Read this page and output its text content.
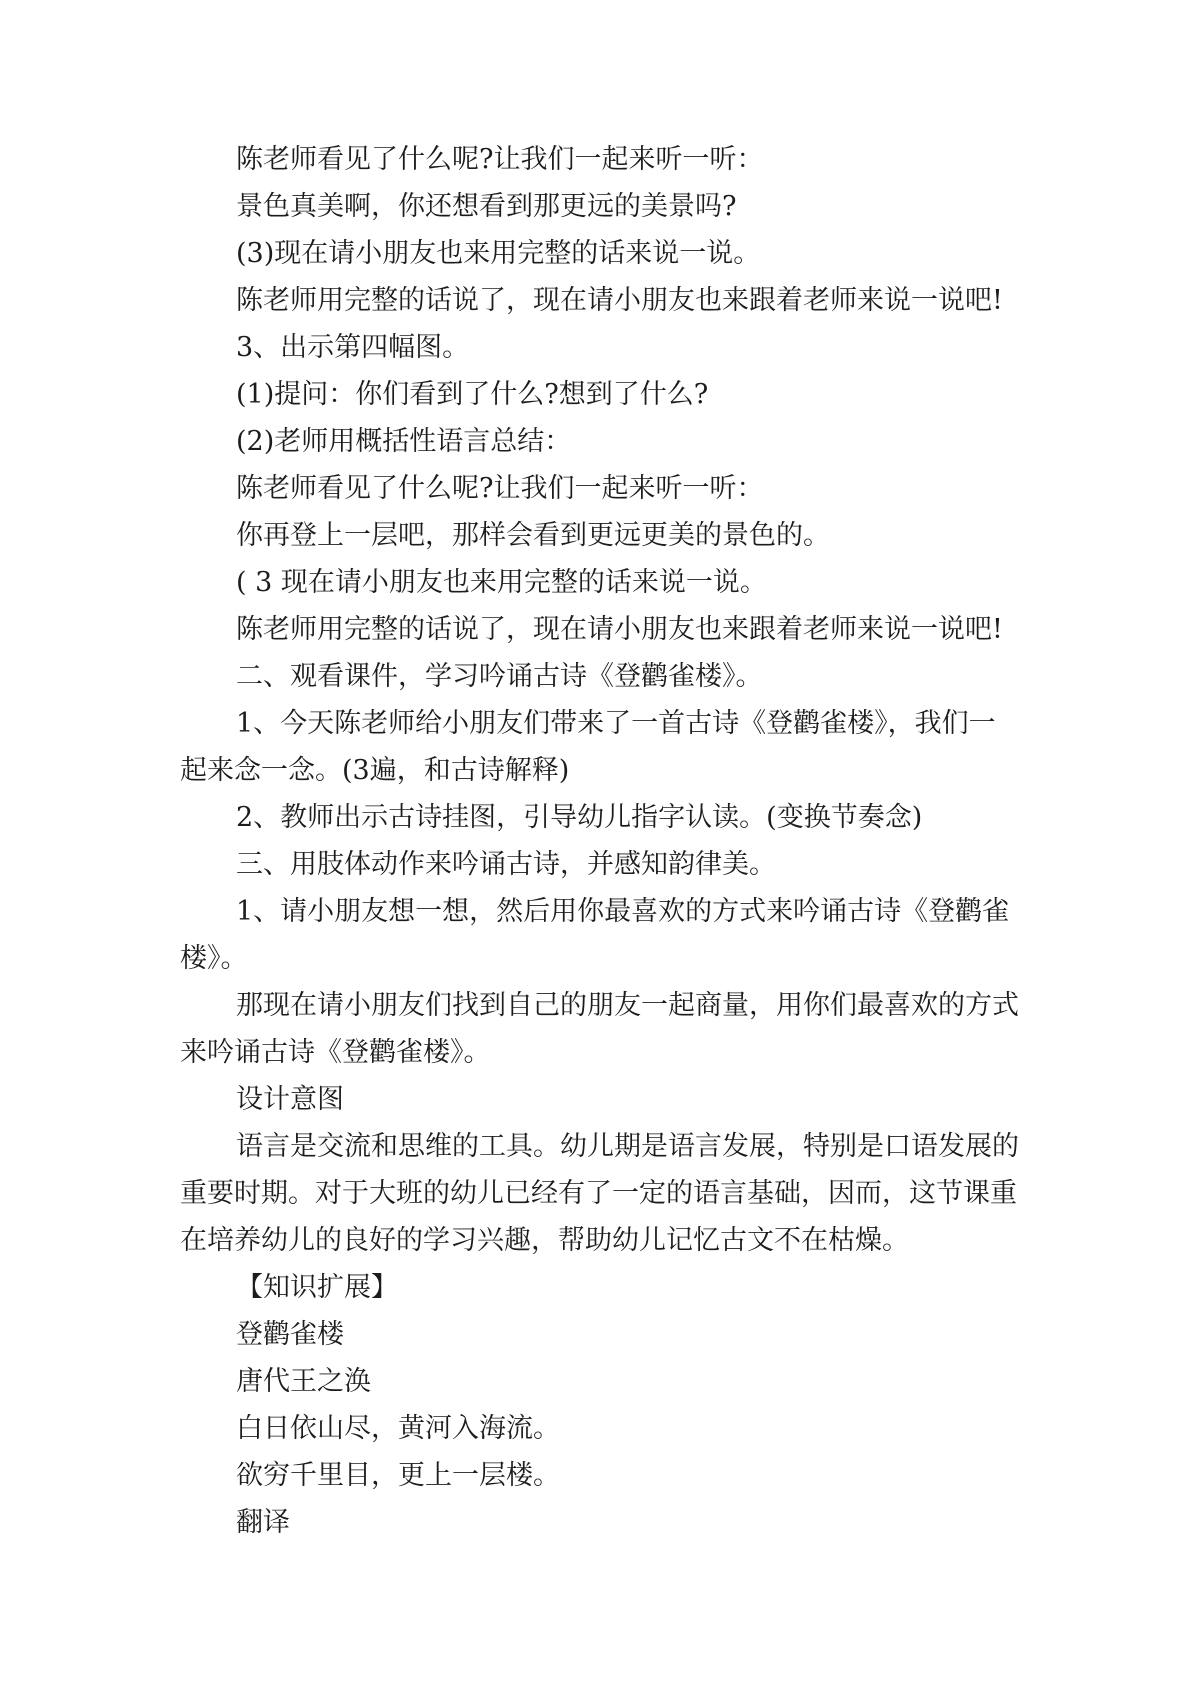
陈老师看见了什么呢?让我们一起来听一听：

景色真美啊，你还想看到那更远的美景吗?

(3)现在请小朋友也来用完整的话来说一说。

陈老师用完整的话说了，现在请小朋友也来跟着老师来说一说吧!

3、出示第四幅图。

(1)提问：你们看到了什么?想到了什么?

(2)老师用概括性语言总结：

陈老师看见了什么呢?让我们一起来听一听：

你再登上一层吧，那样会看到更远更美的景色的。

( 3 现在请小朋友也来用完整的话来说一说。

陈老师用完整的话说了，现在请小朋友也来跟着老师来说一说吧!

二、观看课件，学习吟诵古诗《登鹳雀楼》。

1、今天陈老师给小朋友们带来了一首古诗《登鹳雀楼》，我们一起来念一念。(3遍，和古诗解释)

2、教师出示古诗挂图，引导幼儿指字认读。(变换节奏念)

三、用肢体动作来吟诵古诗，并感知韵律美。

1、请小朋友想一想，然后用你最喜欢的方式来吟诵古诗《登鹳雀楼》。

那现在请小朋友们找到自己的朋友一起商量，用你们最喜欢的方式来吟诵古诗《登鹳雀楼》。

设计意图

语言是交流和思维的工具。幼儿期是语言发展，特别是口语发展的重要时期。对于大班的幼儿已经有了一定的语言基础，因而，这节课重在培养幼儿的良好的学习兴趣，帮助幼儿记忆古文不在枯燥。

【知识扩展】

登鹳雀楼

唐代王之涣

白日依山尽，黄河入海流。

欲穷千里目，更上一层楼。

翻译
